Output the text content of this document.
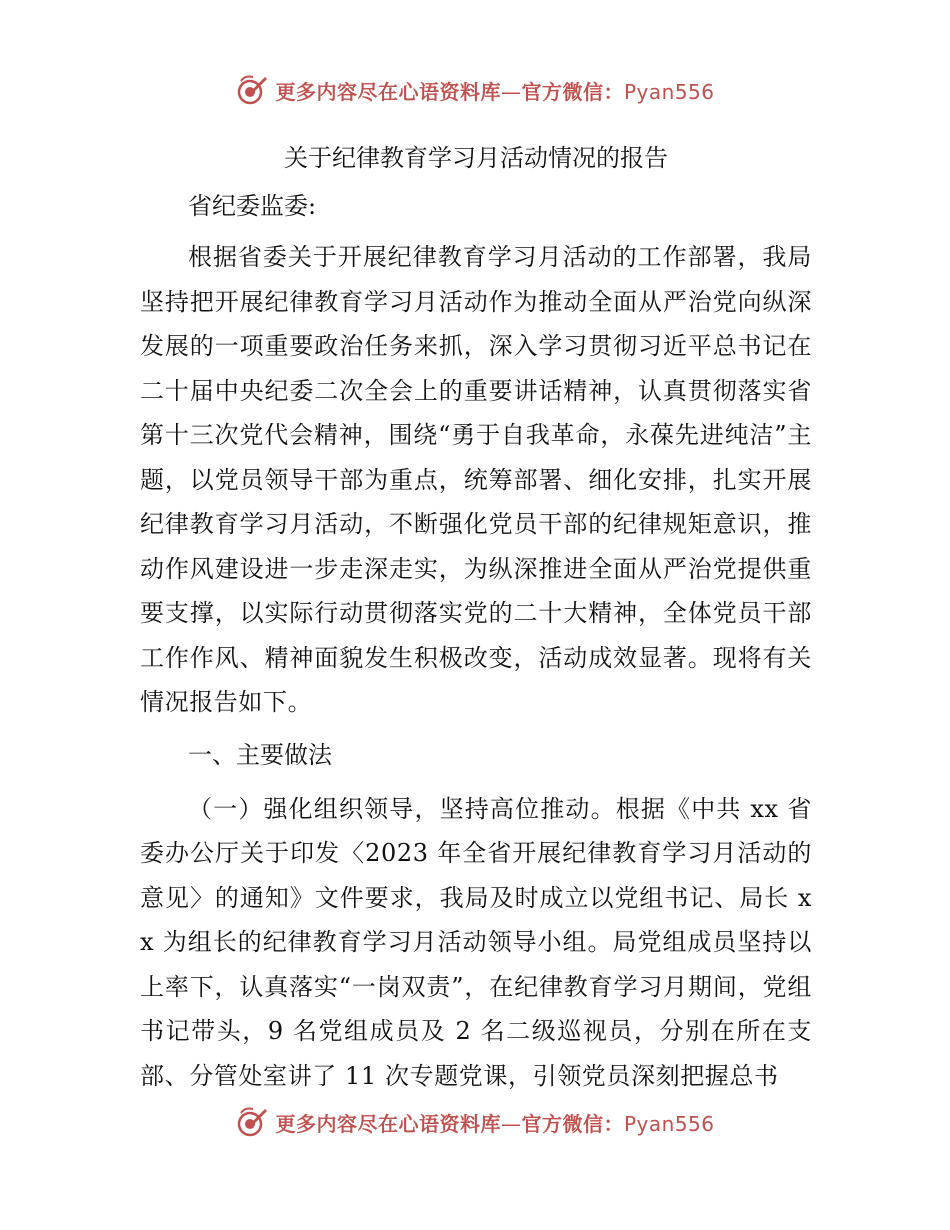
更多内容尽在心语资料库—官方微信：Pyan556
关于纪律教育学习月活动情况的报告
省纪委监委:

根据省委关于开展纪律教育学习月活动的工作部署，我局坚持把开展纪律教育学习月活动作为推动全面从严治党向纵深发展的一项重要政治任务来抓，深入学习贯彻习近平总书记在二十届中央纪委二次全会上的重要讲话精神，认真贯彻落实省第十三次党代会精神，围绕“勇于自我革命，永葆先进纯洁”主题，以党员领导干部为重点，统筹部署、细化安排，扎实开展纪律教育学习月活动，不断强化党员干部的纪律规矩意识，推动作风建设进一步走深走实，为纵深推进全面从严治党提供重要支撑，以实际行动贯彻落实党的二十大精神，全体党员干部工作作风、精神面貌发生积极改变，活动成效显著。现将有关情况报告如下。

一、主要做法

（一）强化组织领导，坚持高位推动。根据《中共 xx 省委办公厅关于印发〈2023 年全省开展纪律教育学习月活动的意见〉的通知》文件要求，我局及时成立以党组书记、局长 xx 为组长的纪律教育学习月活动领导小组。局党组成员坚持以上率下，认真落实“一岗双责”，在纪律教育学习月期间，党组书记带头，9 名党组成员及 2 名二级巡视员，分别在所在支部、分管处室讲了 11 次专题党课，引领党员深刻把握总书

更多内容尽在心语资料库—官方微信：Pyan556
